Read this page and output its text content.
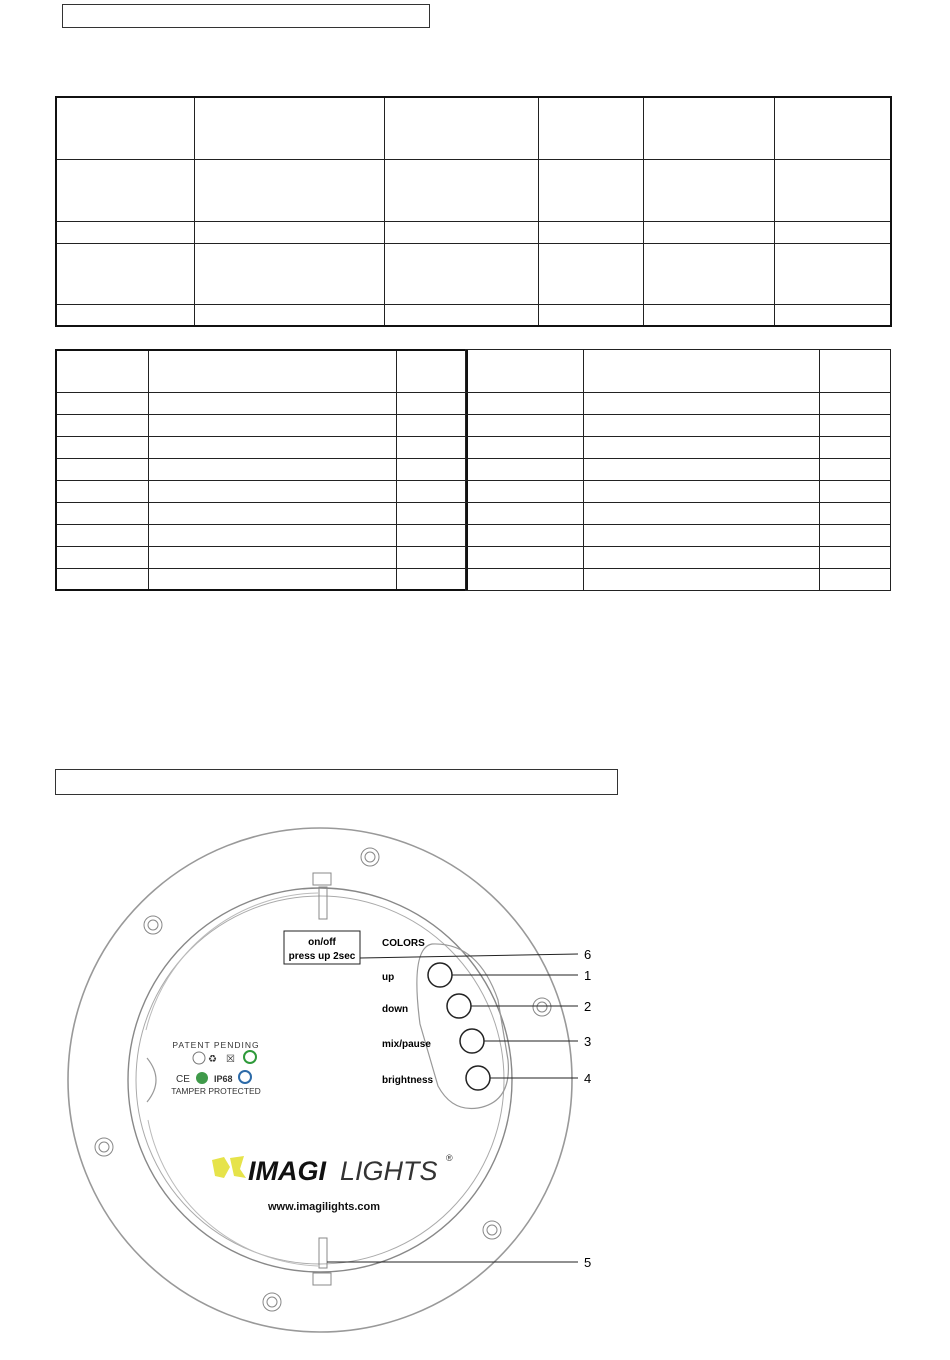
on/off
press up 2sec
COLORS
up
down
mix/pause
brightness
6
1
2
3
4
5
PATENT PENDING
♻ ☒
CE	IP68
TAMPER PROTECTED
IMAGI LIGHTS ®
www.imagilights.com
